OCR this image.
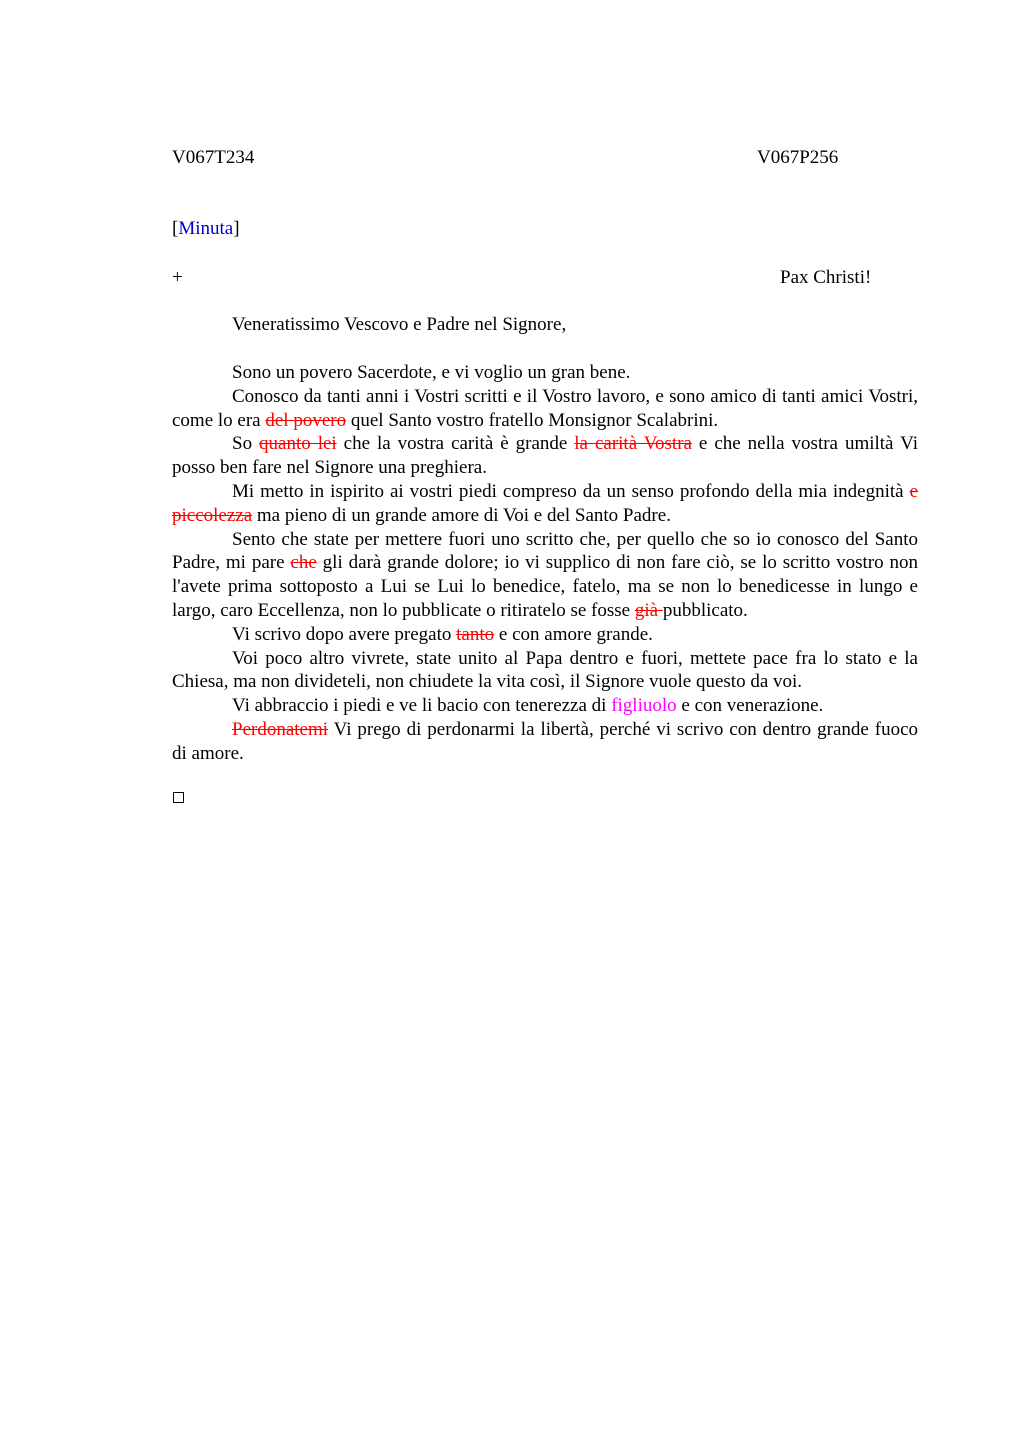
V067T234	V067P256
[Minuta]
+	Pax Christi!
Veneratissimo Vescovo e Padre nel Signore,

Sono un povero Sacerdote, e vi voglio un gran bene.

Conosco da tanti anni i Vostri scritti e il Vostro lavoro, e sono amico di tanti amici Vostri, come lo era del povero quel Santo vostro fratello Monsignor Scalabrini.

So quanto lei che la vostra carità è grande la carità Vostra e che nella vostra umiltà Vi posso ben fare nel Signore una preghiera.

Mi metto in ispirito ai vostri piedi compreso da un senso profondo della mia indegnità e piccolezza ma pieno di un grande amore di Voi e del Santo Padre.

Sento che state per mettere fuori uno scritto che, per quello che so io conosco del Santo Padre, mi pare che gli darà grande dolore; io vi supplico di non fare ciò, se lo scritto vostro non l'avete prima sottoposto a Lui se Lui lo benedice, fatelo, ma se non lo benedicesse in lungo e largo, caro Eccellenza, non lo pubblicate o ritiratelo se fosse già pubblicato.

Vi scrivo dopo avere pregato tanto e con amore grande.

Voi poco altro vivrete, state unito al Papa dentro e fuori, mettete pace fra lo stato e la Chiesa, ma non divideteli, non chiudete la vita così, il Signore vuole questo da voi.

Vi abbraccio i piedi e ve li bacio con tenerezza di figliuolo e con venerazione.

Perdonatemi Vi prego di perdonarmi la libertà, perché vi scrivo con dentro grande fuoco di amore.
